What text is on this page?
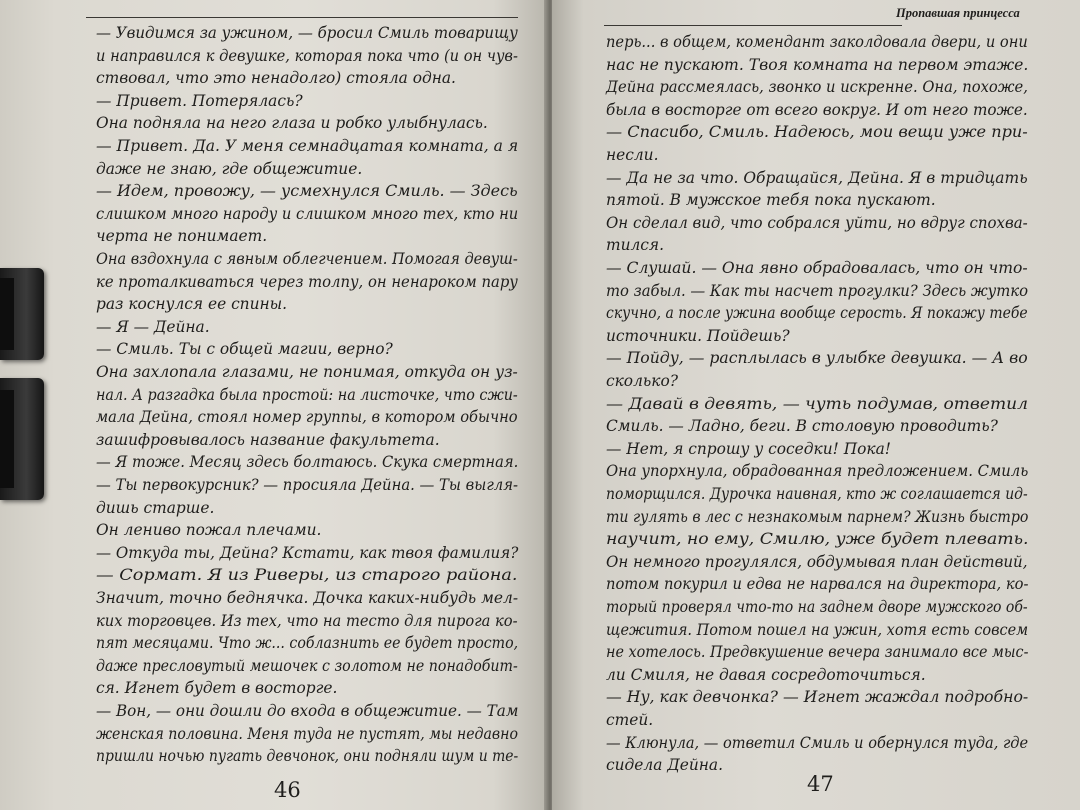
— Увидимся за ужином, — бросил Смиль товарищу
и направился к девушке, которая пока что (и он чув-
ствовал, что это ненадолго) стояла одна.
— Привет. Потерялась?
Она подняла на него глаза и робко улыбнулась.
— Привет. Да. У меня семнадцатая комната, а я
даже не знаю, где общежитие.
— Идем, провожу, — усмехнулся Смиль. — Здесь
слишком много народу и слишком много тех, кто ни
черта не понимает.
Она вздохнула с явным облегчением. Помогая девуш-
ке проталкиваться через толпу, он ненароком пару
раз коснулся ее спины.
— Я — Дейна.
— Смиль. Ты с общей магии, верно?
Она захлопала глазами, не понимая, откуда он уз-
нал. А разгадка была простой: на листочке, что сжи-
мала Дейна, стоял номер группы, в котором обычно
зашифровывалось название факультета.
— Я тоже. Месяц здесь болтаюсь. Скука смертная.
— Ты первокурсник? — просияла Дейна. — Ты выгля-
дишь старше.
Он лениво пожал плечами.
— Откуда ты, Дейна? Кстати, как твоя фамилия?
— Сормат. Я из Риверы, из старого района.
Значит, точно беднячка. Дочка каких-нибудь мел-
ких торговцев. Из тех, что на тесто для пирога ко-
пят месяцами. Что ж... соблазнить ее будет просто,
даже пресловутый мешочек с золотом не понадобит-
ся. Игнет будет в восторге.
— Вон, — они дошли до входа в общежитие. — Там
женская половина. Меня туда не пустят, мы недавно
пришли ночью пугать девчонок, они подняли шум и те-
46
Пропавшая принцесса
перь... в общем, комендант заколдовала двери, и они
нас не пускают. Твоя комната на первом этаже.
Дейна рассмеялась, звонко и искренне. Она, похоже,
была в восторге от всего вокруг. И от него тоже.
— Спасибо, Смиль. Надеюсь, мои вещи уже при-
несли.
— Да не за что. Обращайся, Дейна. Я в тридцать
пятой. В мужское тебя пока пускают.
Он сделал вид, что собрался уйти, но вдруг спохва-
тился.
— Слушай. — Она явно обрадовалась, что он что-
то забыл. — Как ты насчет прогулки? Здесь жутко
скучно, а после ужина вообще серость. Я покажу тебе
источники. Пойдешь?
— Пойду, — расплылась в улыбке девушка. — А во
сколько?
— Давай в девять, — чуть подумав, ответил
Смиль. — Ладно, беги. В столовую проводить?
— Нет, я спрошу у соседки! Пока!
Она упорхнула, обрадованная предложением. Смиль
поморщился. Дурочка наивная, кто ж соглашается ид-
ти гулять в лес с незнакомым парнем? Жизнь быстро
научит, но ему, Смилю, уже будет плевать.
Он немного прогулялся, обдумывая план действий,
потом покурил и едва не нарвался на директора, ко-
торый проверял что-то на заднем дворе мужского об-
щежития. Потом пошел на ужин, хотя есть совсем
не хотелось. Предвкушение вечера занимало все мыс-
ли Смиля, не давая сосредоточиться.
— Ну, как девчонка? — Игнет жаждал подробно-
стей.
— Клюнула, — ответил Смиль и обернулся туда, где
сидела Дейна.
47
